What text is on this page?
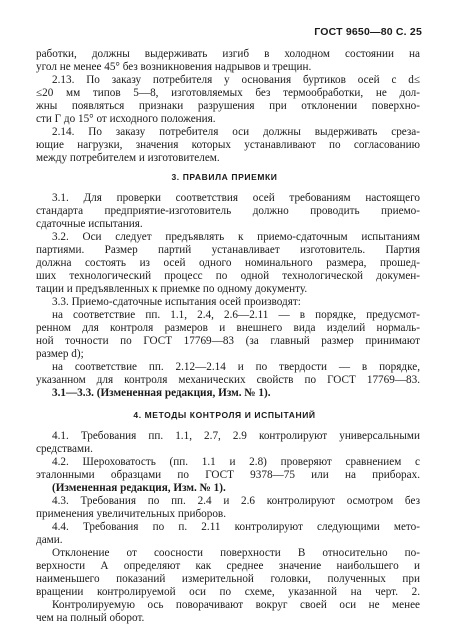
ГОСТ 9650—80 С. 25
работки, должны выдерживать изгиб в холодном состоянии на
угол не менее 45° без возникновения надрывов и трещин.
2.13. По заказу потребителя у основания буртиков осей с d≤
≤20 мм типов 5—8, изготовляемых без термообработки, не дол-
жны появляться признаки разрушения при отклонении поверхно-
сти Г до 15° от исходного положения.
2.14. По заказу потребителя оси должны выдерживать среза-
ющие нагрузки, значения которых устанавливают по согласованию
между потребителем и изготовителем.
3. ПРАВИЛА ПРИЕМКИ
3.1. Для проверки соответствия осей требованиям настоящего
стандарта предприятие-изготовитель должно проводить приемо-
сдаточные испытания.
3.2. Оси следует предъявлять к приемо-сдаточным испытаниям
партиями. Размер партий устанавливает изготовитель. Партия
должна состоять из осей одного номинального размера, прошед-
ших технологический процесс по одной технологической докумен-
тации и предъявленных к приемке по одному документу.
3.3. Приемо-сдаточные испытания осей производят:
на соответствие пп. 1.1, 2.4, 2.6—2.11 — в порядке, предусмот-
ренном для контроля размеров и внешнего вида изделий нормаль-
ной точности по ГОСТ 17769—83 (за главный размер принимают
размер d);
на соответствие пп. 2.12—2.14 и по твердости — в порядке,
указанном для контроля механических свойств по ГОСТ 17769—83.
3.1—3.3. (Измененная редакция, Изм. № 1).
4. МЕТОДЫ КОНТРОЛЯ И ИСПЫТАНИЙ
4.1. Требования пп. 1.1, 2.7, 2.9 контролируют универсальными
средствами.
4.2. Шероховатость (пп. 1.1 и 2.8) проверяют сравнением с
эталонными образцами по ГОСТ 9378—75 или на приборах.
(Измененная редакция, Изм. № 1).
4.3. Требования по пп. 2.4 и 2.6 контролируют осмотром без
применения увеличительных приборов.
4.4. Требования по п. 2.11 контролируют следующими мето-
дами.
Отклонение от соосности поверхности В относительно по-
верхности А определяют как среднее значение наибольшего и
наименьшего показаний измерительной головки, полученных при
вращении контролируемой оси по схеме, указанной на черт. 2.
Контролируемую ось поворачивают вокруг своей оси не менее
чем на полный оборот.
